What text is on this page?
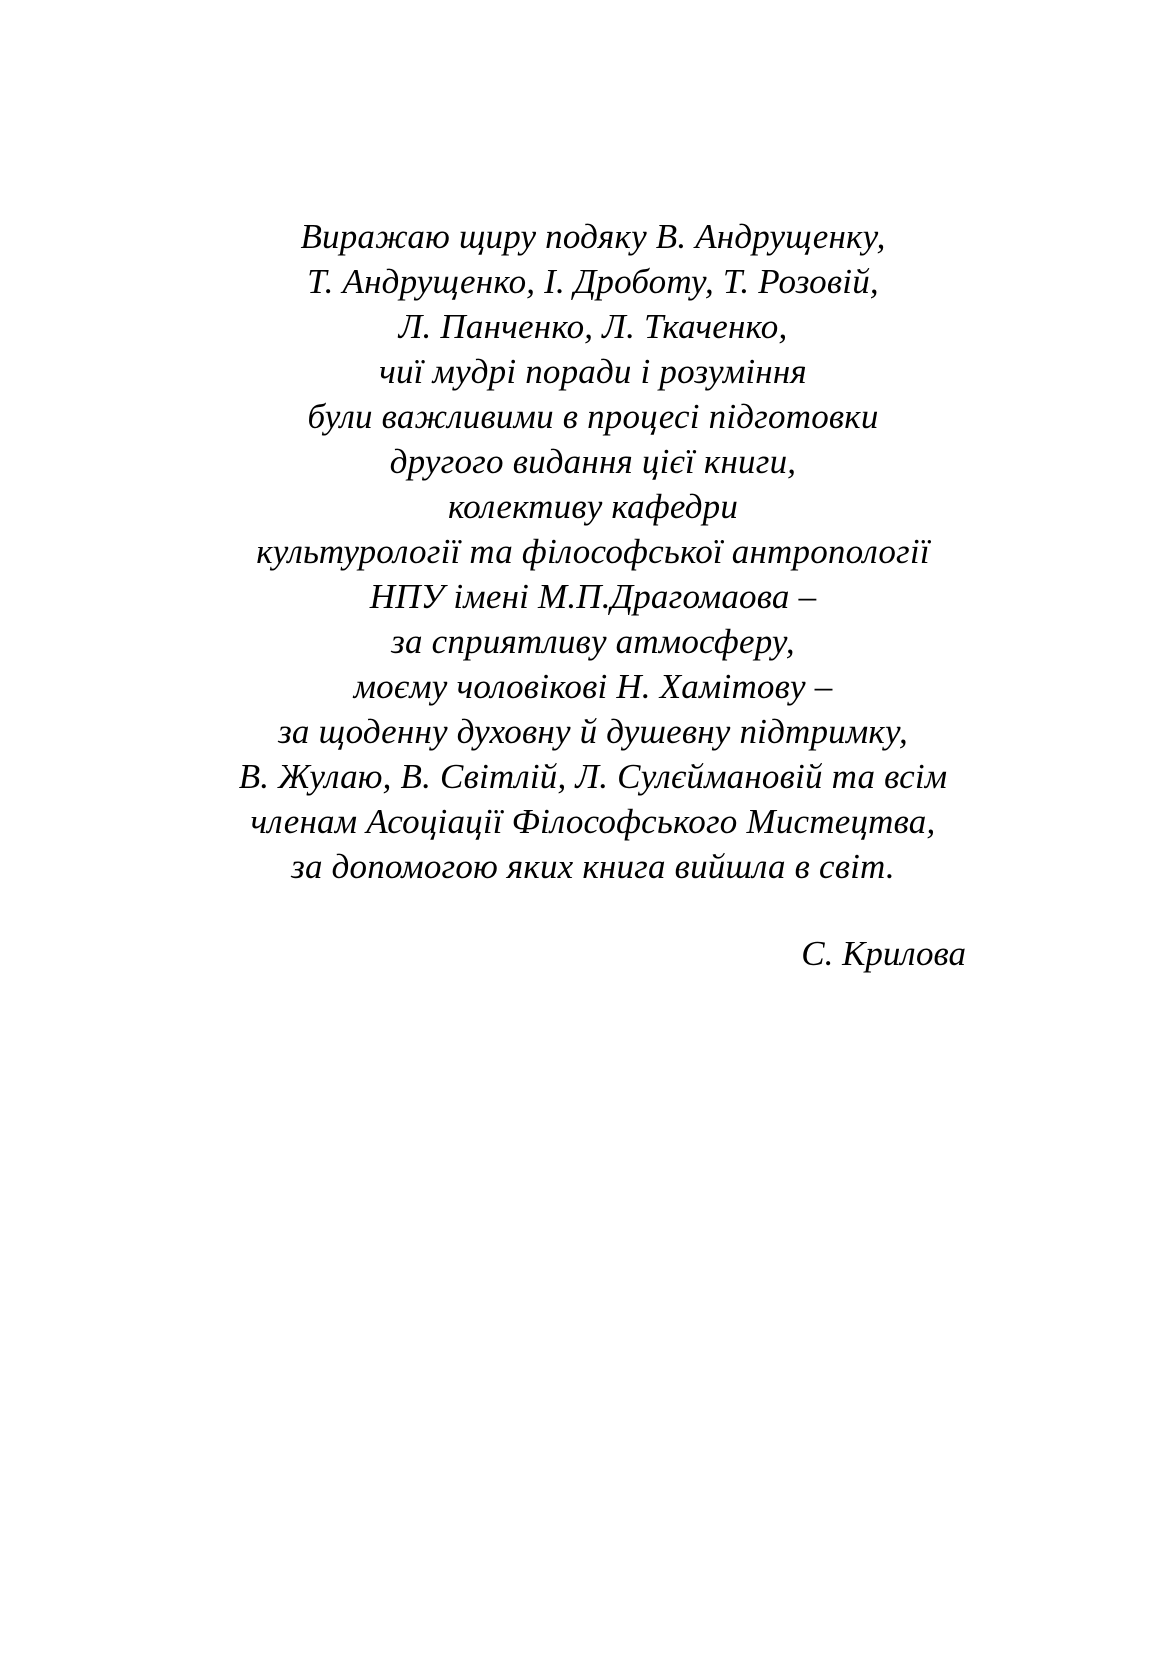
Виражаю щиру подяку В. Андрущенку,
Т. Андрущенко, І. Дроботу, Т. Розовій,
Л. Панченко, Л. Ткаченко,
чиї мудрі поради і розуміння
були важливими в процесі підготовки
другого видання цієї книги,
колективу кафедри
культурології та філософської антропології
НПУ імені М.П.Драгомаова –
за сприятливу атмосферу,
моєму чоловікові Н. Хамітову –
за щоденну духовну й душевну підтримку,
В. Жулаю, В. Світлій, Л. Сулєймановій та всім
членам Асоціації Філософського Мистецтва,
за допомогою яких книга вийшла в світ.
С. Крилова
